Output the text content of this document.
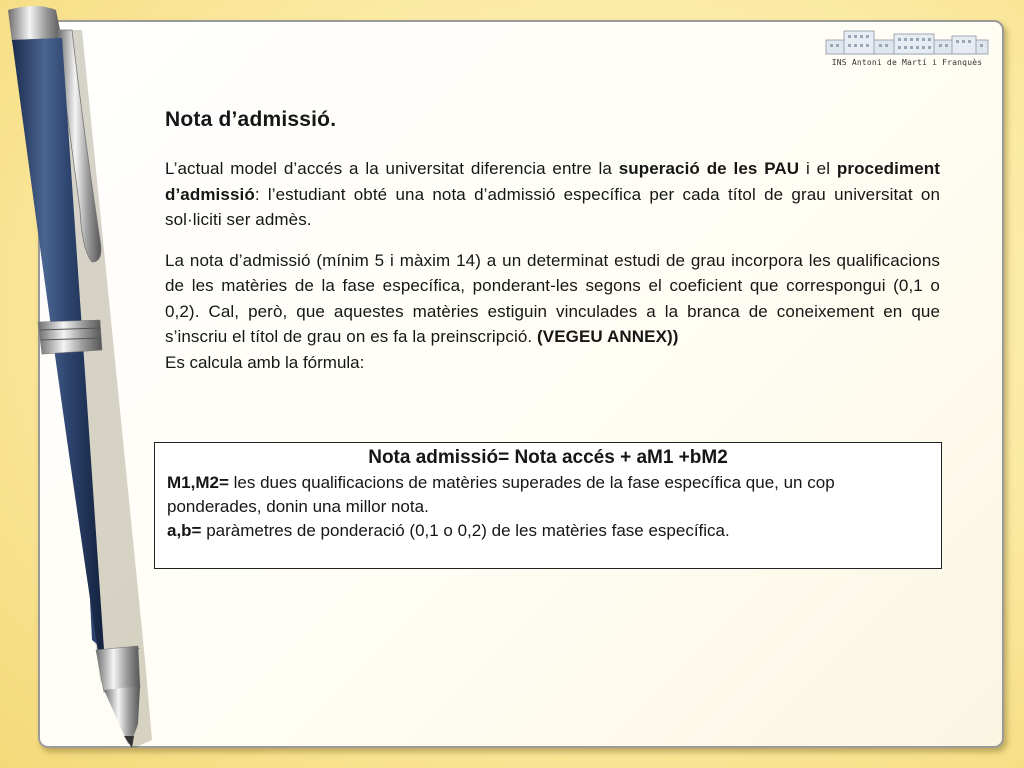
INS Antoni de Martí i Franquès
Nota d’admissió.

L’actual model d’accés a la universitat diferencia entre la superació de les PAU i el procediment d’admissió: l’estudiant obté una nota d’admissió específica per cada títol de grau universitat on sol·liciti ser admès.

La nota d’admissió (mínim 5 i màxim 14) a un determinat estudi de grau incorpora les qualificacions de les matèries de la fase específica, ponderant-les segons el coeficient que correspongui (0,1 o 0,2). Cal, però, que aquestes matèries estiguin vinculades a la branca de coneixement en que s’inscriu el títol de grau on es fa la preinscripció. (VEGEU ANNEX))

Es calcula amb la fórmula:
Nota admissió= Nota accés + aM1 +bM2
M1,M2= les dues qualificacions de matèries superades de la fase específica que, un cop ponderades, donin una millor nota.
a,b= paràmetres de ponderació (0,1 o 0,2) de les matèries fase específica.
